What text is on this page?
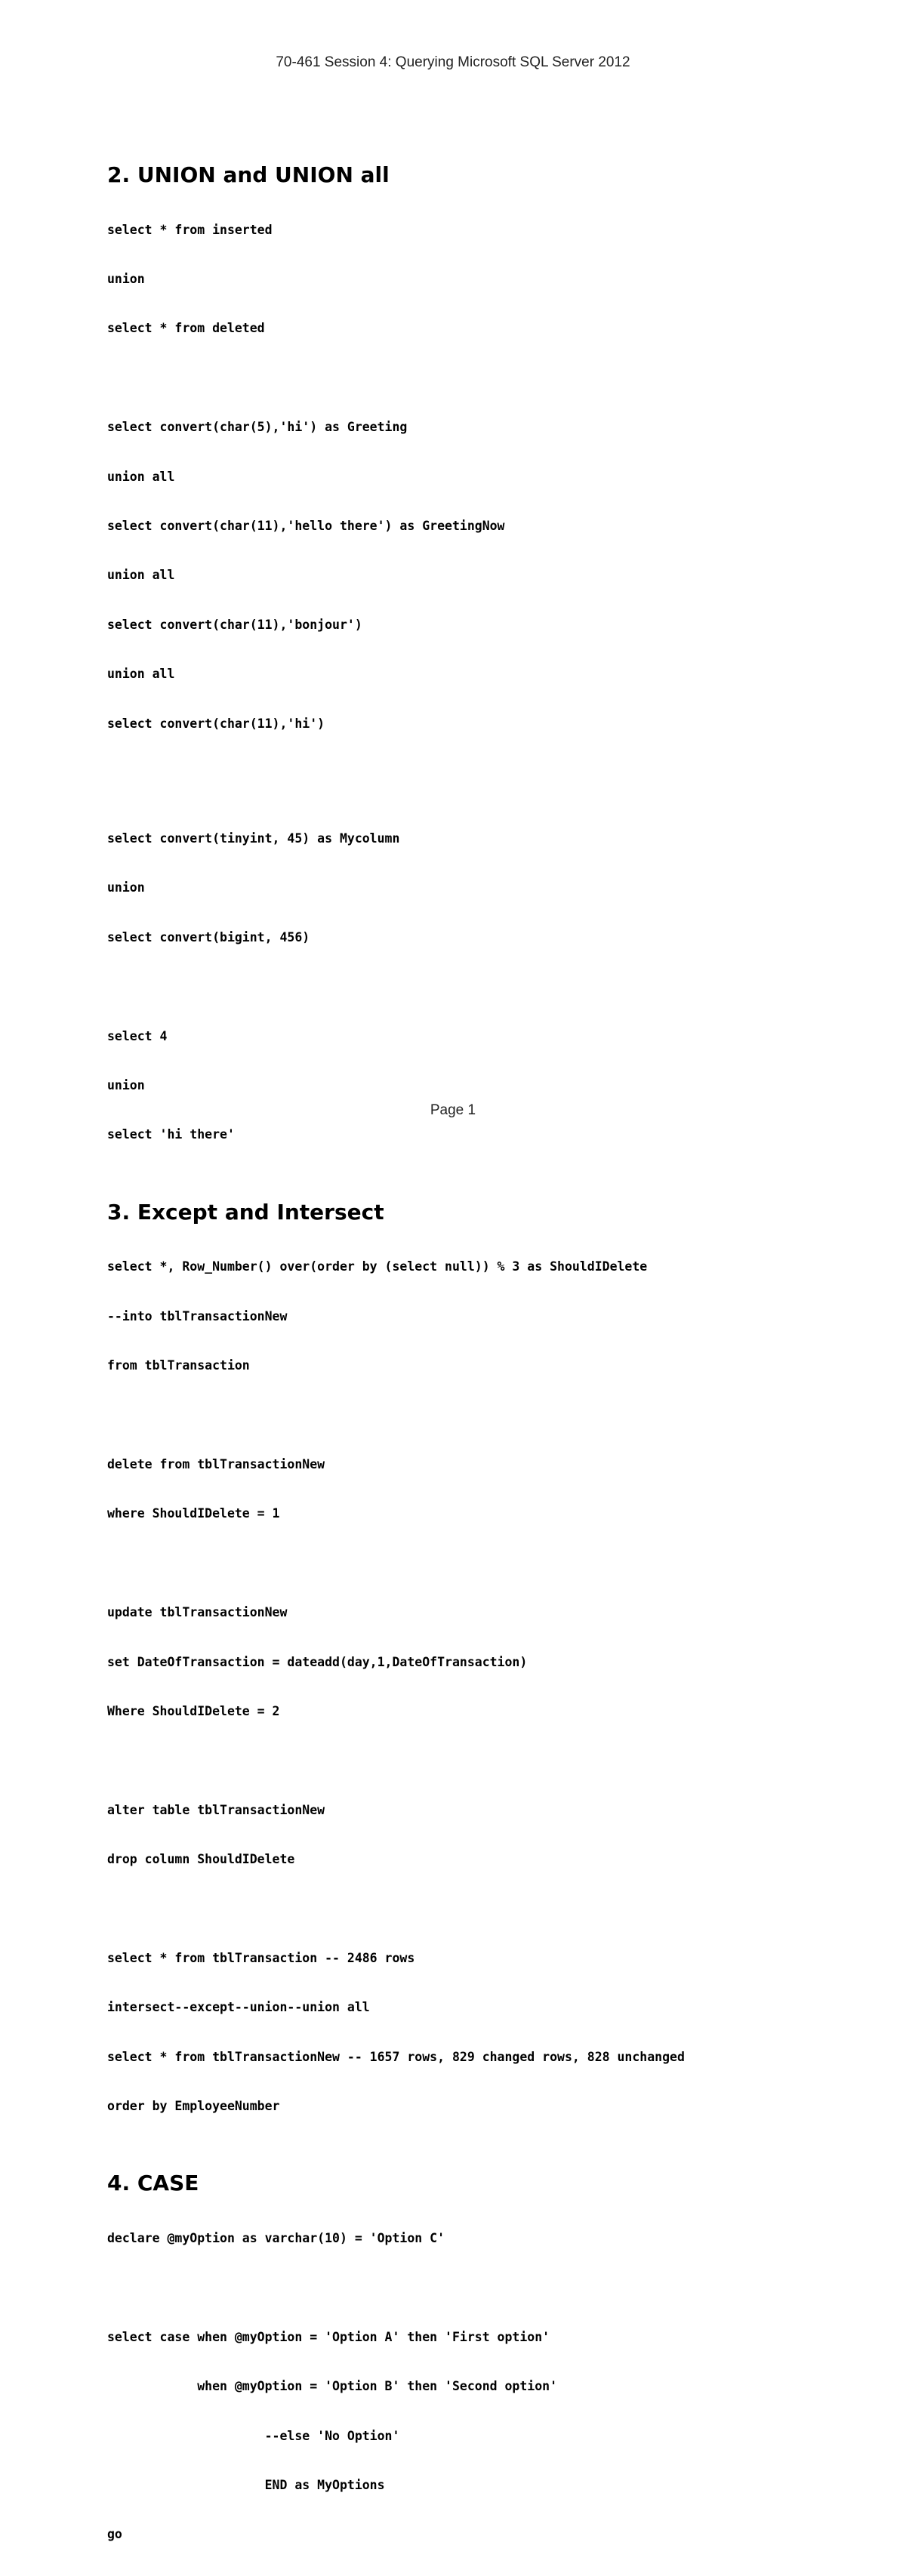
70-461 Session 4: Querying Microsoft SQL Server 2012
2. UNION and UNION all

select * from inserted

union

select * from deleted

select convert(char(5),'hi') as Greeting

union all

select convert(char(11),'hello there') as GreetingNow

union all

select convert(char(11),'bonjour')

union all

select convert(char(11),'hi')

select convert(tinyint, 45) as Mycolumn

union

select convert(bigint, 456)

select 4

union

select 'hi there'

3. Except and Intersect

select *, Row_Number() over(order by (select null)) % 3 as ShouldIDelete

--into tblTransactionNew

from tblTransaction

delete from tblTransactionNew

where ShouldIDelete = 1

update tblTransactionNew

set DateOfTransaction = dateadd(day,1,DateOfTransaction)

Where ShouldIDelete = 2

alter table tblTransactionNew

drop column ShouldIDelete

select * from tblTransaction -- 2486 rows

intersect--except--union--union all

select * from tblTransactionNew -- 1657 rows, 829 changed rows, 828 unchanged

order by EmployeeNumber

4. CASE

declare @myOption as varchar(10) = 'Option C'

select case when @myOption = 'Option A' then 'First option'

when @myOption = 'Option B' then 'Second option'

--else 'No Option'

END as MyOptions

go

Page 1
